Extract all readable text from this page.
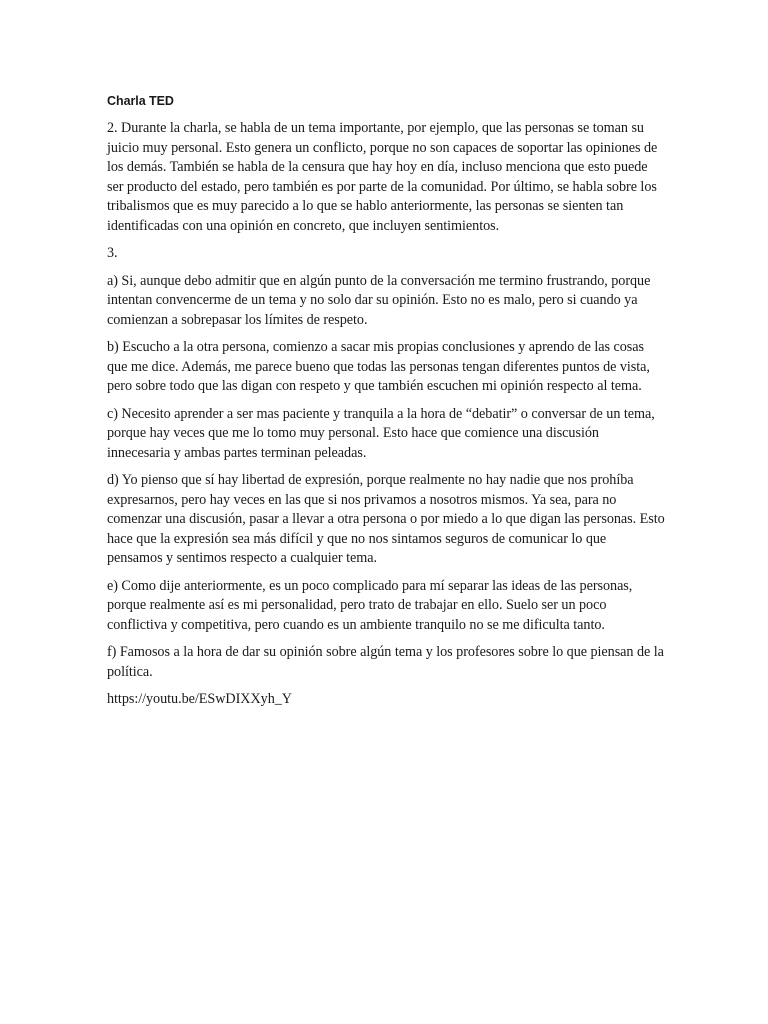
Charla TED

2. Durante la charla, se habla de un tema importante, por ejemplo, que las personas se toman su juicio muy personal. Esto genera un conflicto, porque no son capaces de soportar las opiniones de los demás. También se habla de la censura que hay hoy en día, incluso menciona que esto puede ser producto del estado, pero también es por parte de la comunidad. Por último, se habla sobre los tribalismos que es muy parecido a lo que se hablo anteriormente, las personas se sienten tan identificadas con una opinión en concreto, que incluyen sentimientos.

3.

a) Si, aunque debo admitir que en algún punto de la conversación me termino frustrando, porque intentan convencerme de un tema y no solo dar su opinión. Esto no es malo, pero si cuando ya comienzan a sobrepasar los límites de respeto.

b) Escucho a la otra persona, comienzo a sacar mis propias conclusiones y aprendo de las cosas que me dice. Además, me parece bueno que todas las personas tengan diferentes puntos de vista, pero sobre todo que las digan con respeto y que también escuchen mi opinión respecto al tema.

c) Necesito aprender a ser mas paciente y tranquila a la hora de “debatir” o conversar de un tema, porque hay veces que me lo tomo muy personal. Esto hace que comience una discusión innecesaria y ambas partes terminan peleadas.

d) Yo pienso que sí hay libertad de expresión, porque realmente no hay nadie que nos prohíba expresarnos, pero hay veces en las que si nos privamos a nosotros mismos. Ya sea, para no comenzar una discusión, pasar a llevar a otra persona o por miedo a lo que digan las personas. Esto hace que la expresión sea más difícil y que no nos sintamos seguros de comunicar lo que pensamos y sentimos respecto a cualquier tema.

e) Como dije anteriormente, es un poco complicado para mí separar las ideas de las personas, porque realmente así es mi personalidad, pero trato de trabajar en ello. Suelo ser un poco conflictiva y competitiva, pero cuando es un ambiente tranquilo no se me dificulta tanto.

f) Famosos a la hora de dar su opinión sobre algún tema y los profesores sobre lo que piensan de la política.

https://youtu.be/ESwDIXXyh_Y
